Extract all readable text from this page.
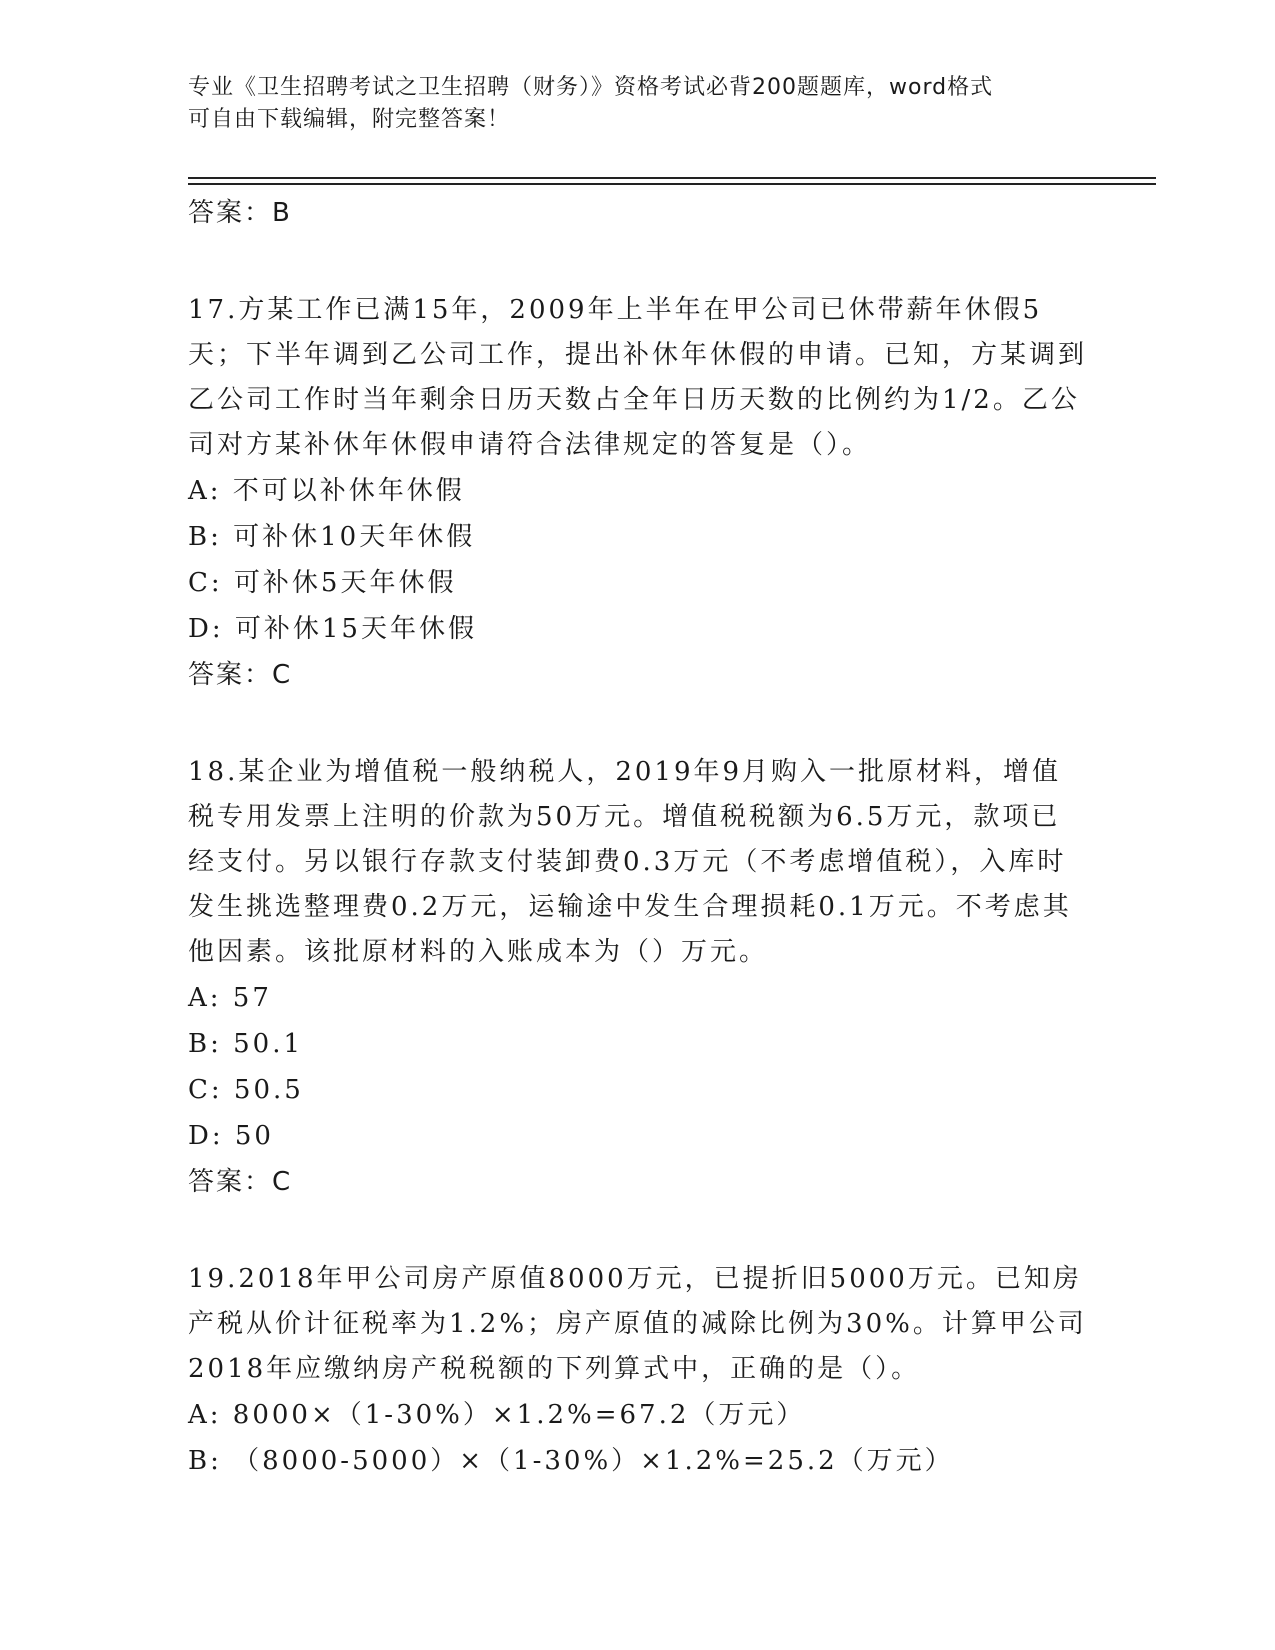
专业《卫生招聘考试之卫生招聘（财务）》资格考试必背200题题库，word格式
可自由下载编辑，附完整答案！

答案：B

17.方某工作已满15年，2009年上半年在甲公司已休带薪年休假5天；下半年调到乙公司工作，提出补休年休假的申请。已知，方某调到乙公司工作时当年剩余日历天数占全年日历天数的比例约为1/2。乙公司对方某补休年休假申请符合法律规定的答复是（）。

A: 不可以补休年休假

B: 可补休10天年休假

C: 可补休5天年休假

D: 可补休15天年休假

答案：C

18.某企业为增值税一般纳税人，2019年9月购入一批原材料，增值税专用发票上注明的价款为50万元。增值税税额为6.5万元，款项已经支付。另以银行存款支付装卸费0.3万元（不考虑增值税），入库时发生挑选整理费0.2万元，运输途中发生合理损耗0.1万元。不考虑其他因素。该批原材料的入账成本为（）万元。

A: 57

B: 50.1

C: 50.5

D: 50

答案：C

19.2018年甲公司房产原值8000万元，已提折旧5000万元。已知房产税从价计征税率为1.2%；房产原值的减除比例为30%。计算甲公司2018年应缴纳房产税税额的下列算式中，正确的是（）。

A: 8000×（1-30%）×1.2%=67.2（万元）

B: （8000-5000）×（1-30%）×1.2%=25.2（万元）
